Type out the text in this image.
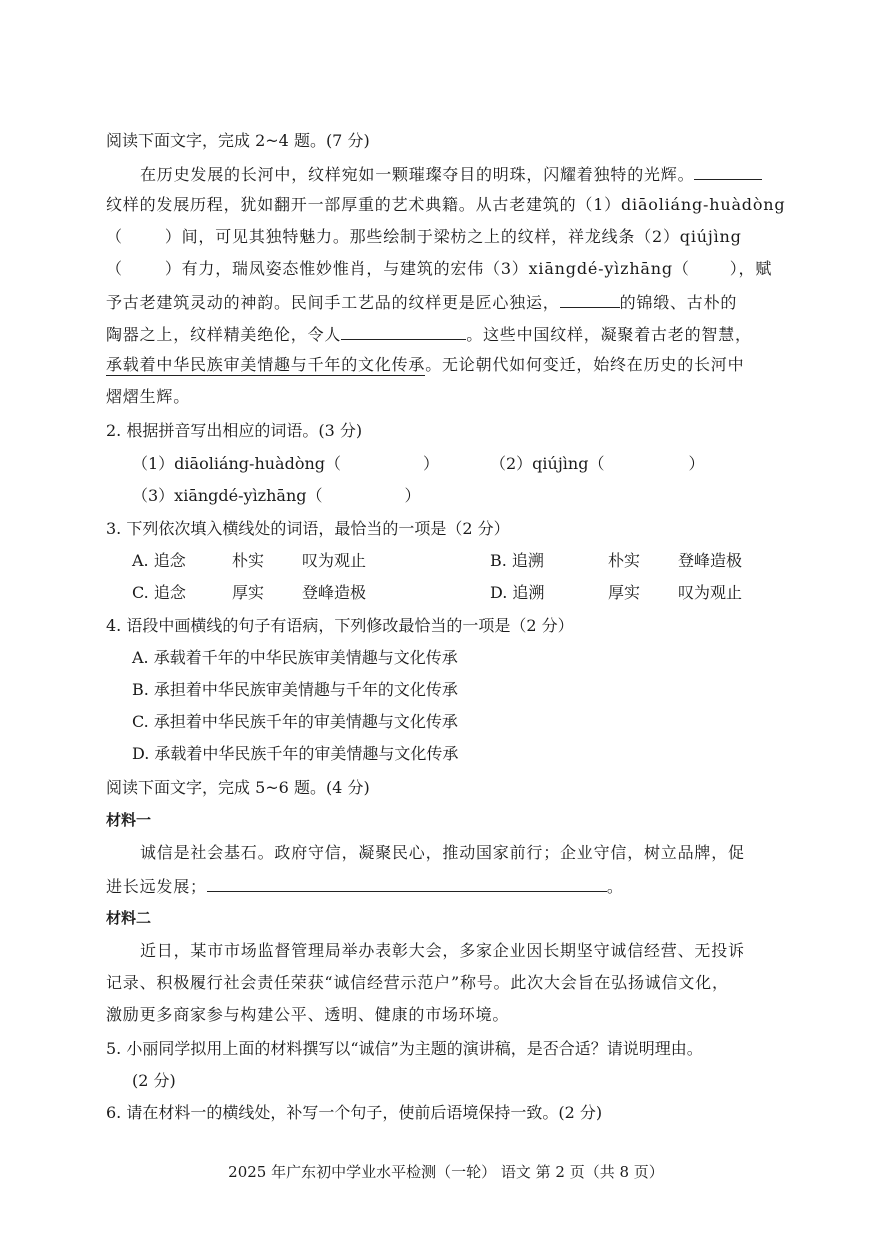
阅读下面文字，完成 2~4 题。(7 分)
在历史发展的长河中，纹样宛如一颗璀璨夺目的明珠，闪耀着独特的光辉。
纹样的发展历程，犹如翻开一部厚重的艺术典籍。从古老建筑的（1）diāoliáng-huàdòng
（	）间，可见其独特魅力。那些绘制于梁枋之上的纹样，祥龙线条（2）qiújìng
（	）有力，瑞凤姿态惟妙惟肖，与建筑的宏伟（3）xiāngdé-yìzhāng（	），赋
予古老建筑灵动的神韵。民间手工艺品的纹样更是匠心独运，	的锦缎、古朴的
陶器之上，纹样精美绝伦，令人	。这些中国纹样，凝聚着古老的智慧，
承载着中华民族审美情趣与千年的文化传承。无论朝代如何变迁，始终在历史的长河中
熠熠生辉。
2. 根据拼音写出相应的词语。(3 分)
（1）diāoliáng-huàdòng（	）	（2）qiújìng（	）
（3）xiāngdé-yìzhāng（	）
3. 下列依次填入横线处的词语，最恰当的一项是（2 分）
A. 追念	朴实 叹为观止	B. 追溯	朴实 登峰造极
C. 追念	厚实 登峰造极	D. 追溯	厚实 叹为观止
4. 语段中画横线的句子有语病，下列修改最恰当的一项是（2 分）
A. 承载着千年的中华民族审美情趣与文化传承
B. 承担着中华民族审美情趣与千年的文化传承
C. 承担着中华民族千年的审美情趣与文化传承
D. 承载着中华民族千年的审美情趣与文化传承
阅读下面文字，完成 5~6 题。(4 分)
材料一
诚信是社会基石。政府守信，凝聚民心，推动国家前行；企业守信，树立品牌，促
进长远发展；	。
材料二
近日，某市市场监督管理局举办表彰大会，多家企业因长期坚守诚信经营、无投诉
记录、积极履行社会责任荣获“诚信经营示范户”称号。此次大会旨在弘扬诚信文化，
激励更多商家参与构建公平、透明、健康的市场环境。
5. 小丽同学拟用上面的材料撰写以“诚信”为主题的演讲稿，是否合适？请说明理由。
(2 分)
6. 请在材料一的横线处，补写一个句子，使前后语境保持一致。(2 分)
2025 年广东初中学业水平检测（一轮） 语文 第 2 页（共 8 页）
